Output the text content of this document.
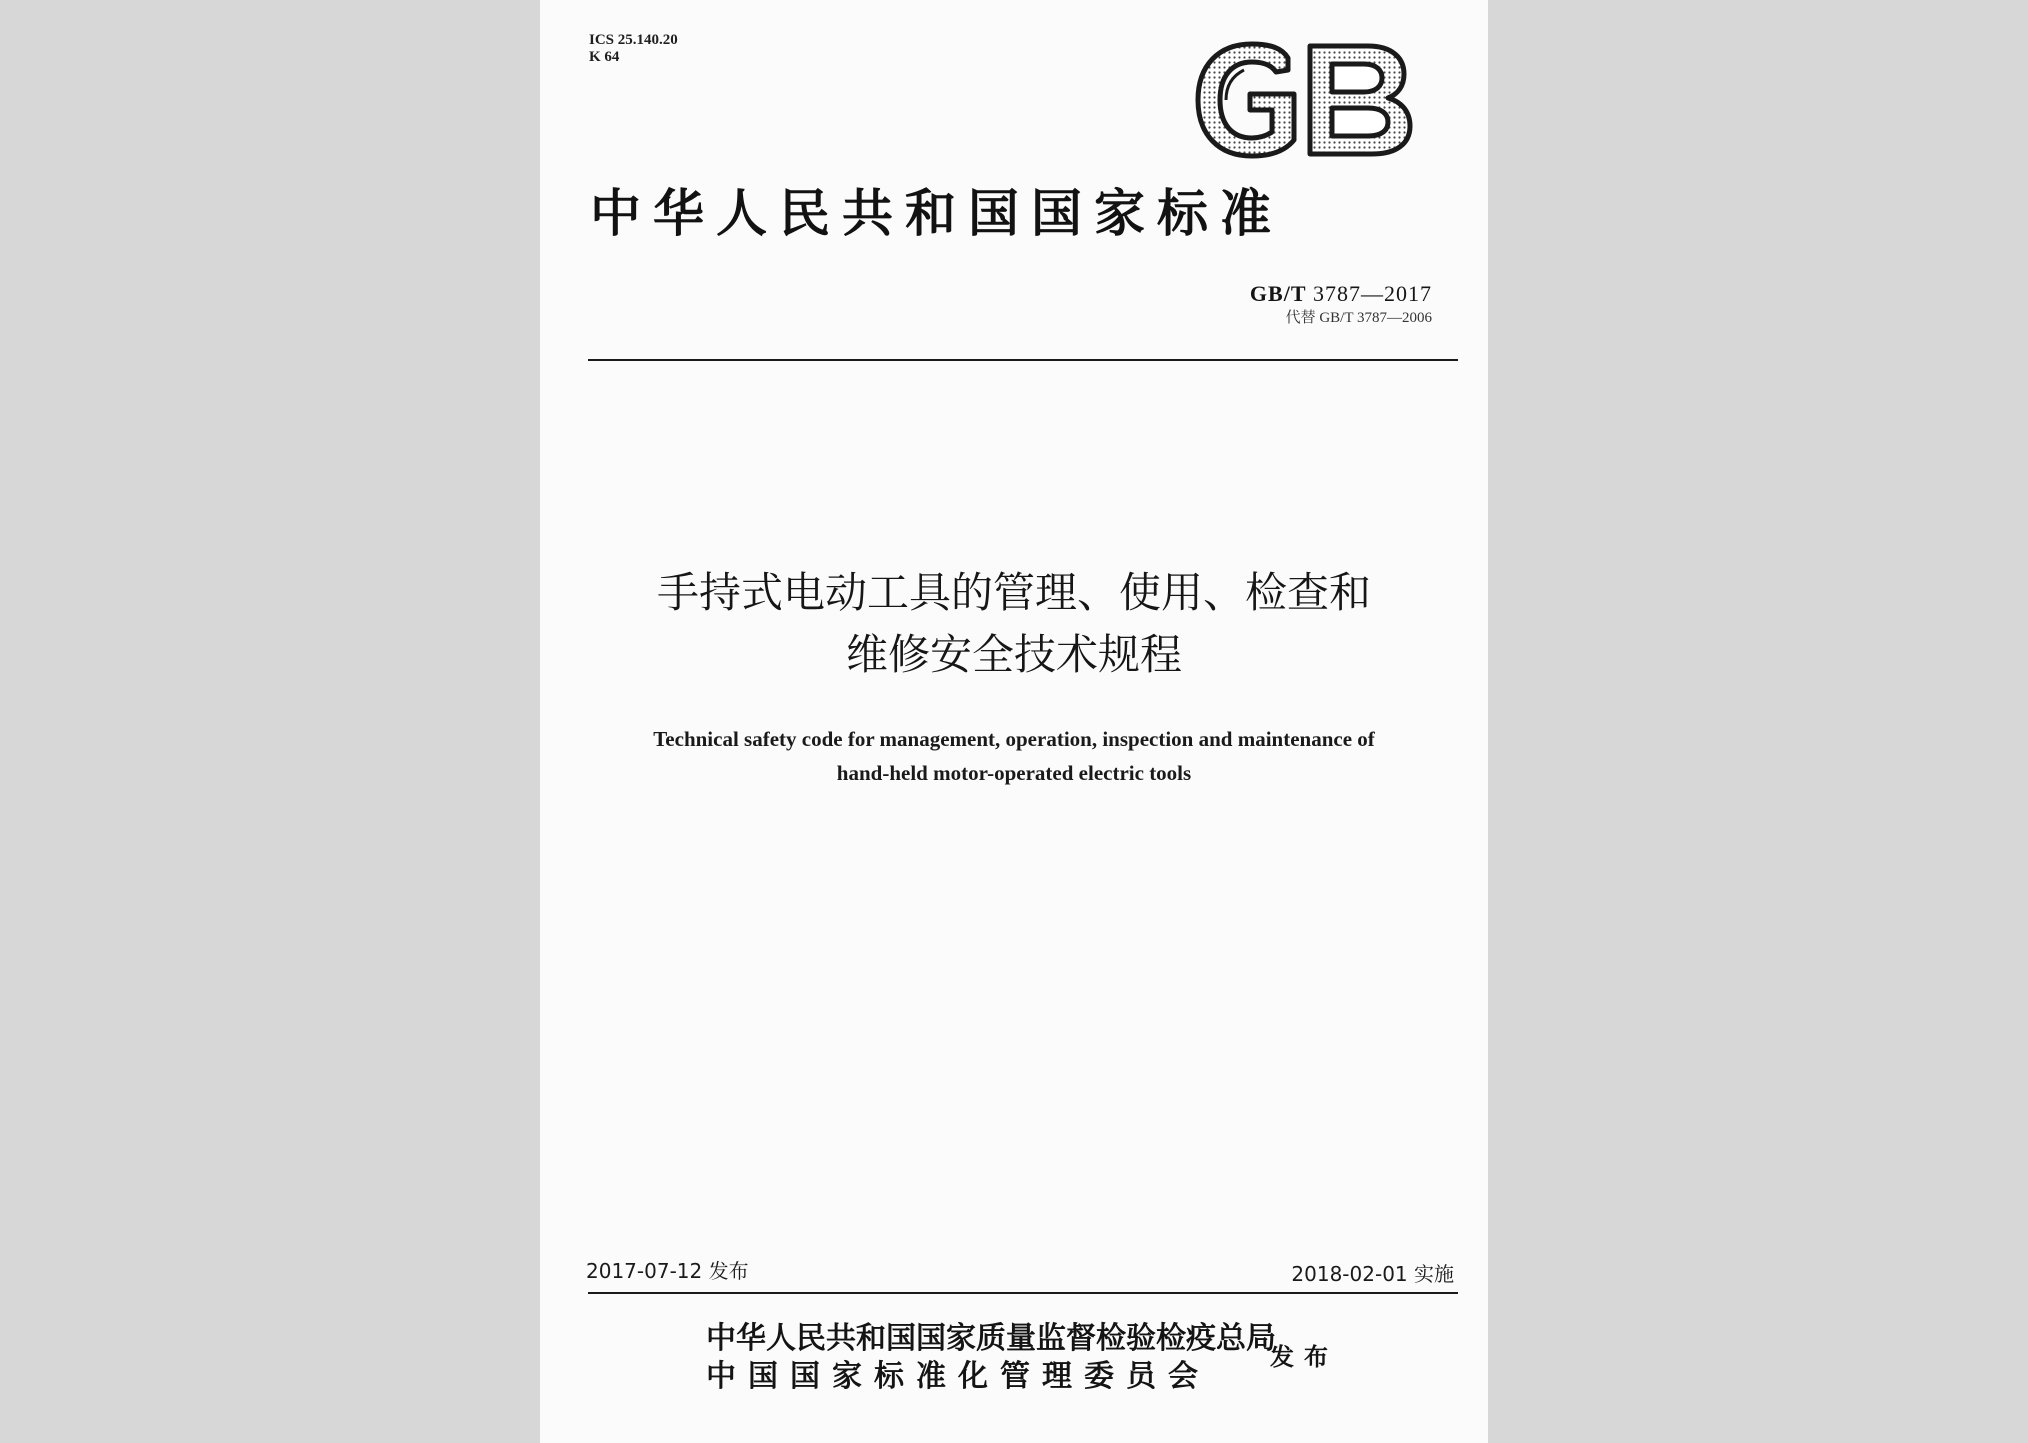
ICS 25.140.20
K 64
中华人民共和国国家标准
GB/T 3787—2017
代替 GB/T 3787—2006
手持式电动工具的管理、使用、检查和
维修安全技术规程
Technical safety code for management, operation, inspection and maintenance of
hand-held motor-operated electric tools
2017-07-12 发布	2018-02-01 实施
中华人民共和国国家质量监督检验检疫总局
中国国家标准化管理委员会
发布
